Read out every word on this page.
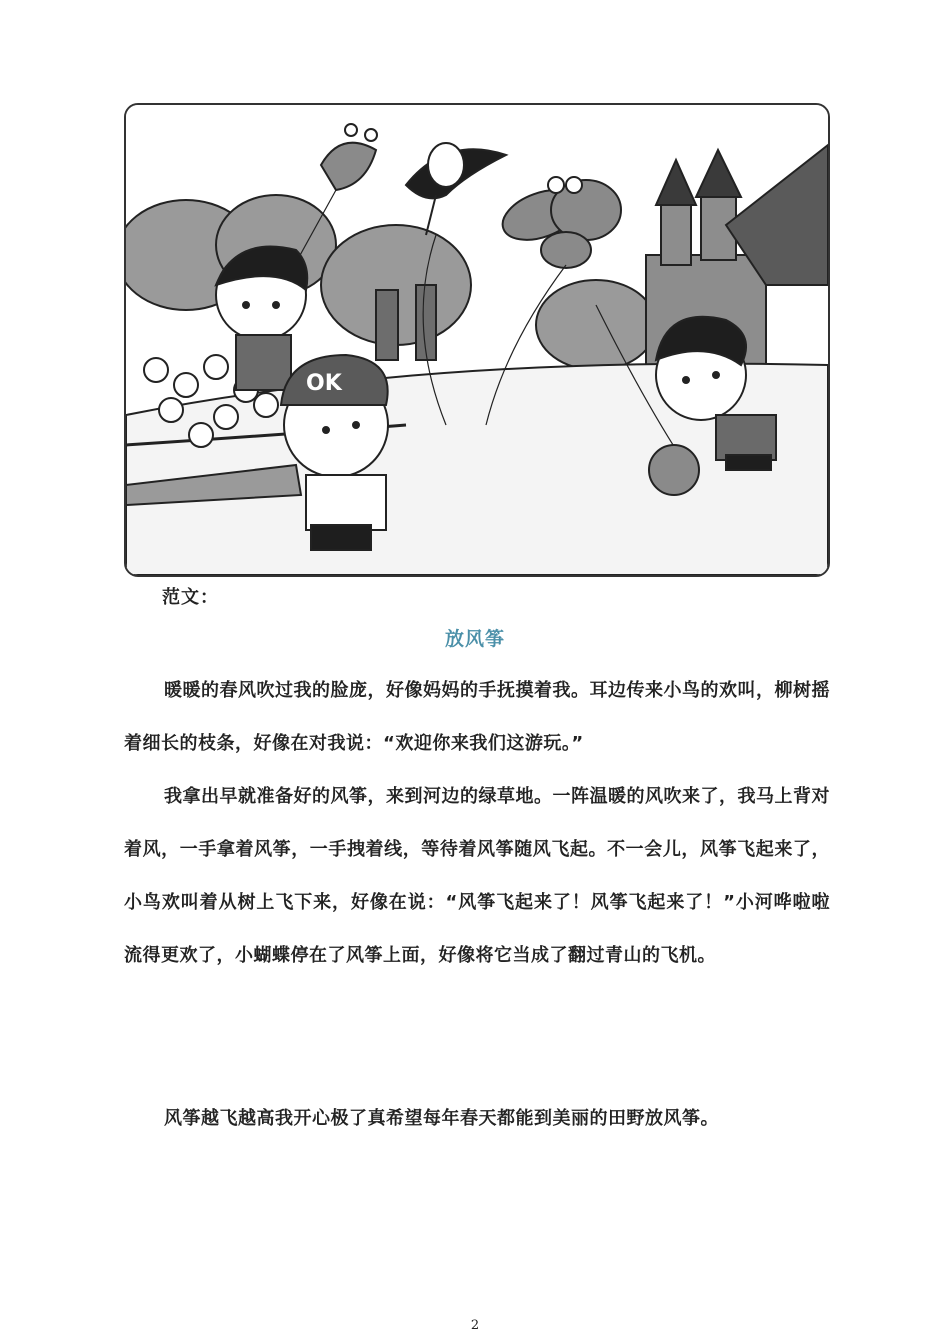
OK
范文：
放风筝

暖暖的春风吹过我的脸庞，好像妈妈的手抚摸着我。耳边传来小鸟的欢叫，柳树摇着细长的枝条，好像在对我说：“欢迎你来我们这游玩。”

我拿出早就准备好的风筝，来到河边的绿草地。一阵温暖的风吹来了，我马上背对着风，一手拿着风筝，一手拽着线，等待着风筝随风飞起。不一会儿，风筝飞起来了，小鸟欢叫着从树上飞下来，好像在说：“风筝飞起来了！风筝飞起来了！”小河哗啦啦流得更欢了，小蝴蝶停在了风筝上面，好像将它当成了翻过青山的飞机。

风筝越飞越高我开心极了真希望每年春天都能到美丽的田野放风筝。

2
